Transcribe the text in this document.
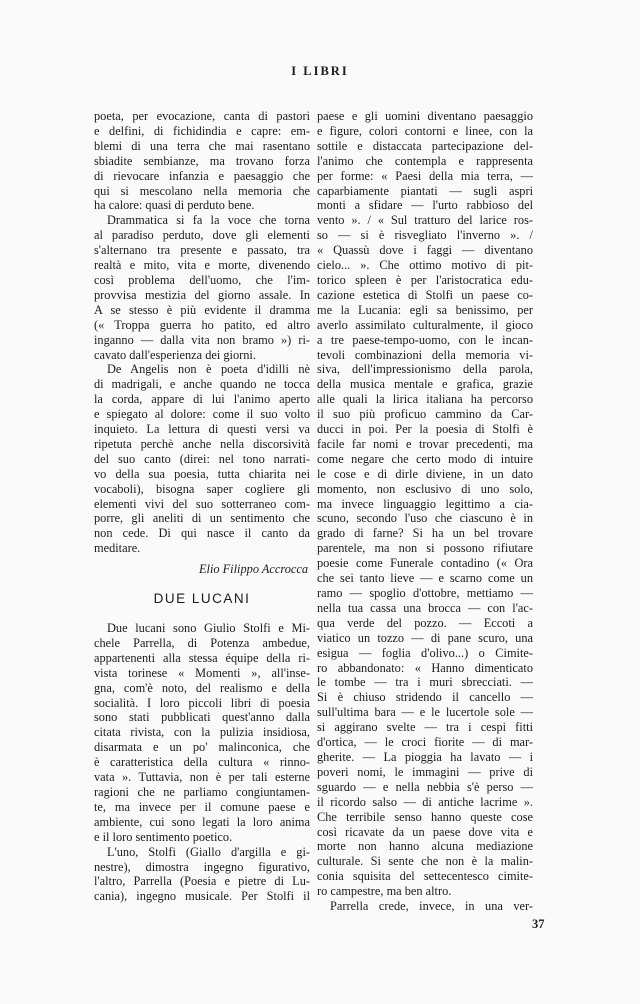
I LIBRI
poeta, per evocazione, canta di pastori
e delfini, di fichidindia e capre: em-
blemi di una terra che mai rasentano
sbiadite sembianze, ma trovano forza
di rievocare infanzia e paesaggio che
qui si mescolano nella memoria che
ha calore: quasi di perduto bene.
Drammatica si fa la voce che torna
al paradiso perduto, dove gli elementi
s'alternano tra presente e passato, tra
realtà e mito, vita e morte, divenendo
così problema dell'uomo, che l'im-
provvisa mestizia del giorno assale. In
A se stesso è più evidente il dramma
(« Troppa guerra ho patito, ed altro
inganno — dalla vita non bramo ») ri-
cavato dall'esperienza dei giorni.
De Angelis non è poeta d'idilli nè
di madrigali, e anche quando ne tocca
la corda, appare di lui l'animo aperto
e spiegato al dolore: come il suo volto
inquieto. La lettura di questi versi va
ripetuta perchè anche nella discorsività
del suo canto (direi: nel tono narrati-
vo della sua poesia, tutta chiarita nei
vocaboli), bisogna saper cogliere gli
elementi vivi del suo sotterraneo com-
porre, gli aneliti di un sentimento che
non cede. Di qui nasce il canto da
meditare.
Elio Filippo Accrocca
DUE LUCANI
Due lucani sono Giulio Stolfi e Mi-
chele Parrella, di Potenza ambedue,
appartenenti alla stessa équipe della ri-
vista torinese « Momenti », all'inse-
gna, com'è noto, del realismo e della
socialità. I loro piccoli libri di poesia
sono stati pubblicati quest'anno dalla
citata rivista, con la pulizia insidiosa,
disarmata e un po' malinconica, che
è caratteristica della cultura « rinno-
vata ». Tuttavia, non è per tali esterne
ragioni che ne parliamo congiuntamen-
te, ma invece per il comune paese e
ambiente, cui sono legati la loro anima
e il loro sentimento poetico.
L'uno, Stolfi (Giallo d'argilla e gi-
nestre), dimostra ingegno figurativo,
l'altro, Parrella (Poesia e pietre di Lu-
cania), ingegno musicale. Per Stolfi il
paese e gli uomini diventano paesaggio
e figure, colori contorni e linee, con la
sottile e distaccata partecipazione del-
l'animo che contempla e rappresenta
per forme: « Paesi della mia terra, —
caparbiamente piantati — sugli aspri
monti a sfidare — l'urto rabbioso del
vento ». / « Sul tratturo del larice ros-
so — si è risvegliato l'inverno ». /
« Quassù dove i faggi — diventano
cielo... ». Che ottimo motivo di pit-
torico spleen è per l'aristocratica edu-
cazione estetica di Stolfi un paese co-
me la Lucania: egli sa benissimo, per
averlo assimilato culturalmente, il gioco
a tre paese-tempo-uomo, con le incan-
tevoli combinazioni della memoria vi-
siva, dell'impressionismo della parola,
della musica mentale e grafica, grazie
alle quali la lirica italiana ha percorso
il suo più proficuo cammino da Car-
ducci in poi. Per la poesia di Stolfi è
facile far nomi e trovar precedenti, ma
come negare che certo modo di intuire
le cose e di dirle diviene, in un dato
momento, non esclusivo di uno solo,
ma invece linguaggio legittimo a cia-
scuno, secondo l'uso che ciascuno è in
grado di farne? Si ha un bel trovare
parentele, ma non si possono rifiutare
poesie come Funerale contadino (« Ora
che sei tanto lieve — e scarno come un
ramo — spoglio d'ottobre, mettiamo —
nella tua cassa una brocca — con l'ac-
qua verde del pozzo. — Eccoti a
viatico un tozzo — di pane scuro, una
esigua — foglia d'olivo...) o Cimite-
ro abbandonato: « Hanno dimenticato
le tombe — tra i muri sbrecciati. —
Si è chiuso stridendo il cancello —
sull'ultima bara — e le lucertole sole —
si aggirano svelte — tra i cespi fitti
d'ortica, — le croci fiorite — di mar-
gherite. — La pioggia ha lavato — i
poveri nomi, le immagini — prive di
sguardo — e nella nebbia s'è perso —
il ricordo salso — di antiche lacrime ».
Che terribile senso hanno queste cose
così ricavate da un paese dove vita e
morte non hanno alcuna mediazione
culturale. Si sente che non è la malin-
conia squisita del settecentesco cimite-
ro campestre, ma ben altro.
Parrella crede, invece, in una ver-
37
